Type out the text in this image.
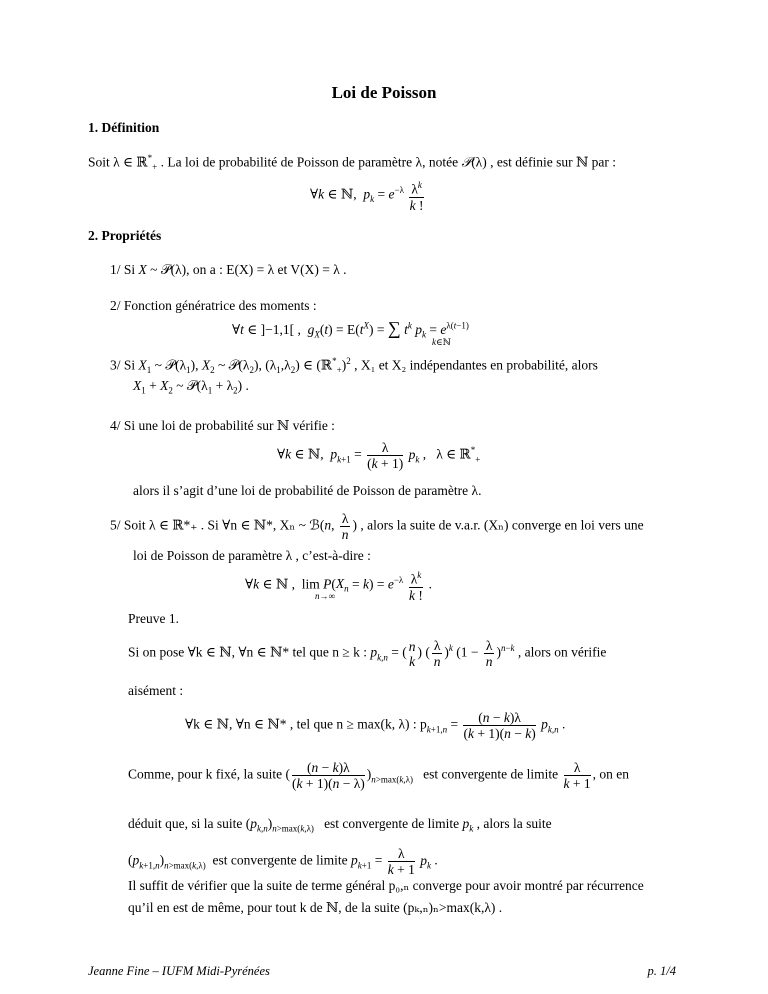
Loi de Poisson
1. Définition
Soit λ ∈ ℝ*$_+$ . La loi de probabilité de Poisson de paramètre λ, notée 𝒫(λ) , est définie sur ℕ par :
∀k ∈ ℕ,  $p_k = e^{-\lambda} \frac{\lambda^k}{k !}$
2. Propriétés
1/ Si X ~ 𝒫(λ), on a : E(X) = λ et V(X) = λ .
2/ Fonction génératrice des moments :
∀t ∈ ]−1,1[ ,  $g_X(t) = E(t^X)$ = ∑ $t^k$ $p_k = e^{\lambda(t-1)}$
k∈ℕ
3/ Si $X_1$ ~ $𝒫(\lambda_1)$, $X_2$ ~ $𝒫(\lambda_2)$, $(\lambda_1,\lambda_2)$ ∈ (ℝ*$_+$)$^2$ , X₁ et X₂ indépendantes en probabilité, alors
$X_1 + X_2$ ~ $𝒫(\lambda_1 + \lambda_2)$ .
4/ Si une loi de probabilité sur ℕ vérifie :
∀k ∈ ℕ,  $p_{k+1} = \frac{\lambda}{(k + 1)} p_k$ ,   λ ∈ ℝ*$_+$
alors il s’agit d’une loi de probabilité de Poisson de paramètre λ.
5/ Soit λ ∈ ℝ*₊ . Si ∀n ∈ ℕ*, Xₙ ~ ℬ(n, $\frac{\lambda}{n}$ ) , alors la suite de v.a.r. (Xₙ) converge en loi vers une
loi de Poisson de paramètre λ , c’est-à-dire :
∀k ∈ ℕ ,  $\lim P(X_n = k) = e^{-\lambda} \frac{\lambda^k}{k !}$ .
n→∞
Preuve 1.
Si on pose ∀k ∈ ℕ, ∀n ∈ ℕ* tel que n ≥ k : $p_{k,n}$ = ( n
k
) ( $\frac{\lambda}{n} )^k$ $(1 - \frac{\lambda}{n} )^{n-k}$ , alors on vérifie
aisément :
∀k ∈ ℕ, ∀n ∈ ℕ* , tel que n ≥ max(k, λ) : $p_{k+1,n} = \frac{(n - k)\lambda}{(k + 1)(n - k)} p_{k,n}$ .
Comme, pour k fixé, la suite ( $\frac{(n - k)\lambda}{(k + 1)(n - \lambda)} )_{n>max(k,\lambda)}$ est convergente de limite $\frac{\lambda}{k + 1}$ , on en
déduit que, si la suite $(p_{k,n})_{n>max(k,\lambda)}$ est convergente de limite $p_k$ , alors la suite
$(p_{k+1,n})_{n>max(k,\lambda)}$ est convergente de limite $p_{k+1} = \frac{\lambda}{k + 1} p_k$ .
Il suffit de vérifier que la suite de terme général p₀,ₙ converge pour avoir montré par récurrence
qu’il en est de même, pour tout k de ℕ, de la suite (pₖ,ₙ)ₙ>max(k,λ) .
Jeanne Fine – IUFM Midi-Pyrénées	p. 1/4
